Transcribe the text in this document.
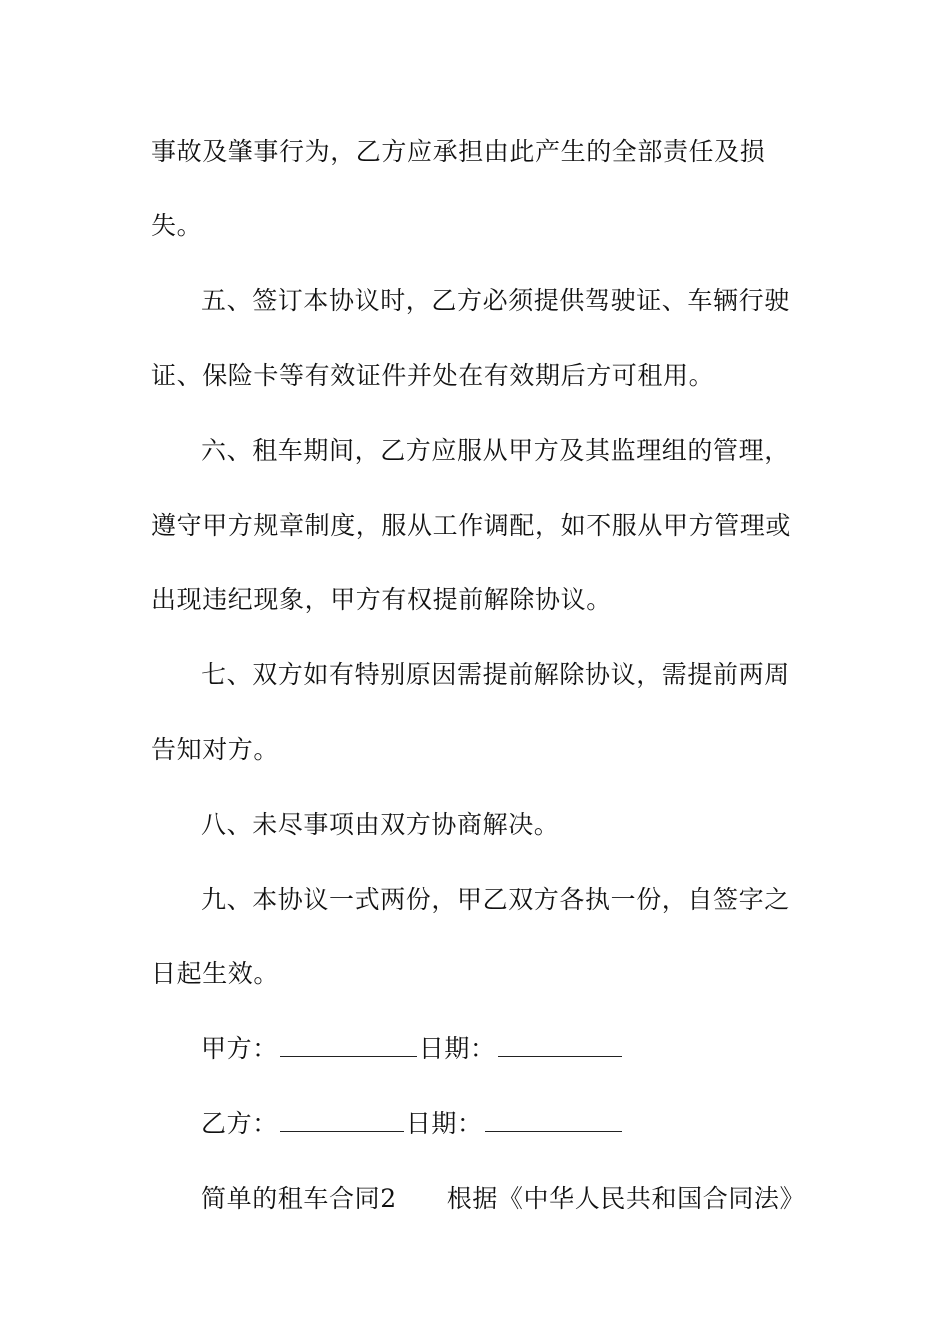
事故及肇事行为，乙方应承担由此产生的全部责任及损
失。
五、签订本协议时，乙方必须提供驾驶证、车辆行驶
证、保险卡等有效证件并处在有效期后方可租用。
六、租车期间，乙方应服从甲方及其监理组的管理，
遵守甲方规章制度，服从工作调配，如不服从甲方管理或
出现违纪现象，甲方有权提前解除协议。
七、双方如有特别原因需提前解除协议，需提前两周
告知对方。
八、未尽事项由双方协商解决。
九、本协议一式两份，甲乙双方各执一份，自签字之
日起生效。
甲方：	日期：
乙方：	日期：
简单的租车合同2 根据《中华人民共和国合同法》
